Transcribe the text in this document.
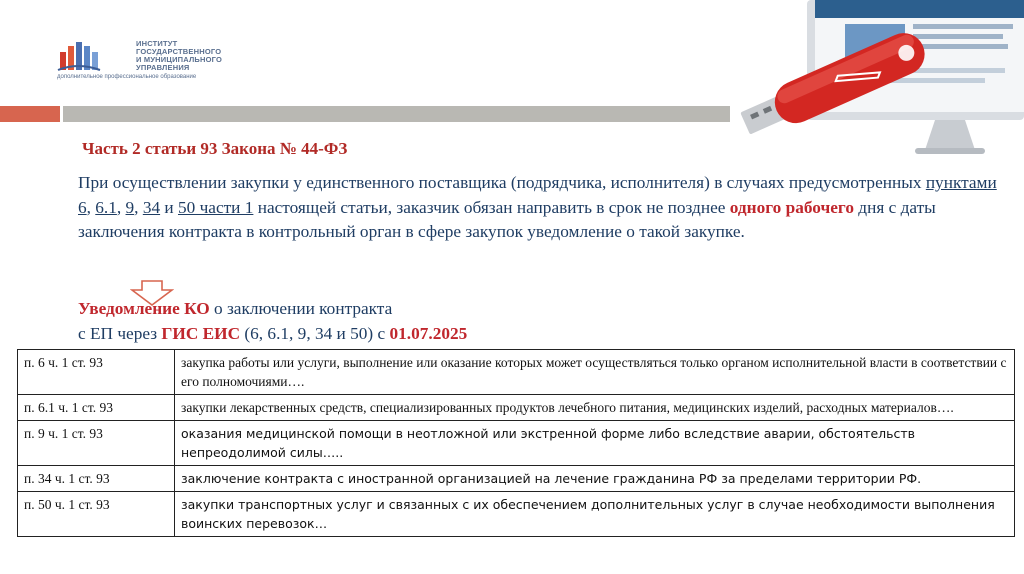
ИНСТИТУТ
ГОСУДАРСТВЕННОГО
И МУНИЦИПАЛЬНОГО
УПРАВЛЕНИЯ
дополнительное профессиональное образование
Часть 2 статьи 93 Закона № 44-ФЗ
При осуществлении закупки у единственного поставщика (подрядчика, исполнителя) в случаях предусмотренных пунктами 6, 6.1, 9, 34 и 50 части 1 настоящей статьи, заказчик обязан направить в срок не позднее одного рабочего дня с даты заключения контракта в контрольный орган в сфере закупок уведомление о такой закупке.
Уведомление КО о заключении контракта
с ЕП через ГИС ЕИС (6, 6.1, 9, 34 и 50) с 01.07.2025
п. 6 ч. 1 ст. 93	закупка работы или услуги, выполнение или оказание которых может осуществляться только органом исполнительной власти в соответствии с его полномочиями….
п. 6.1 ч. 1 ст. 93	закупки лекарственных средств, специализированных продуктов лечебного питания, медицинских изделий, расходных материалов….
п. 9 ч. 1 ст. 93	оказания медицинской помощи в неотложной или экстренной форме либо вследствие аварии, обстоятельств непреодолимой силы…..
п. 34 ч. 1 ст. 93	заключение контракта с иностранной организацией на лечение гражданина РФ за пределами территории РФ.
п. 50 ч. 1 ст. 93	закупки транспортных услуг и связанных с их обеспечением дополнительных услуг в случае необходимости выполнения воинских перевозок…
